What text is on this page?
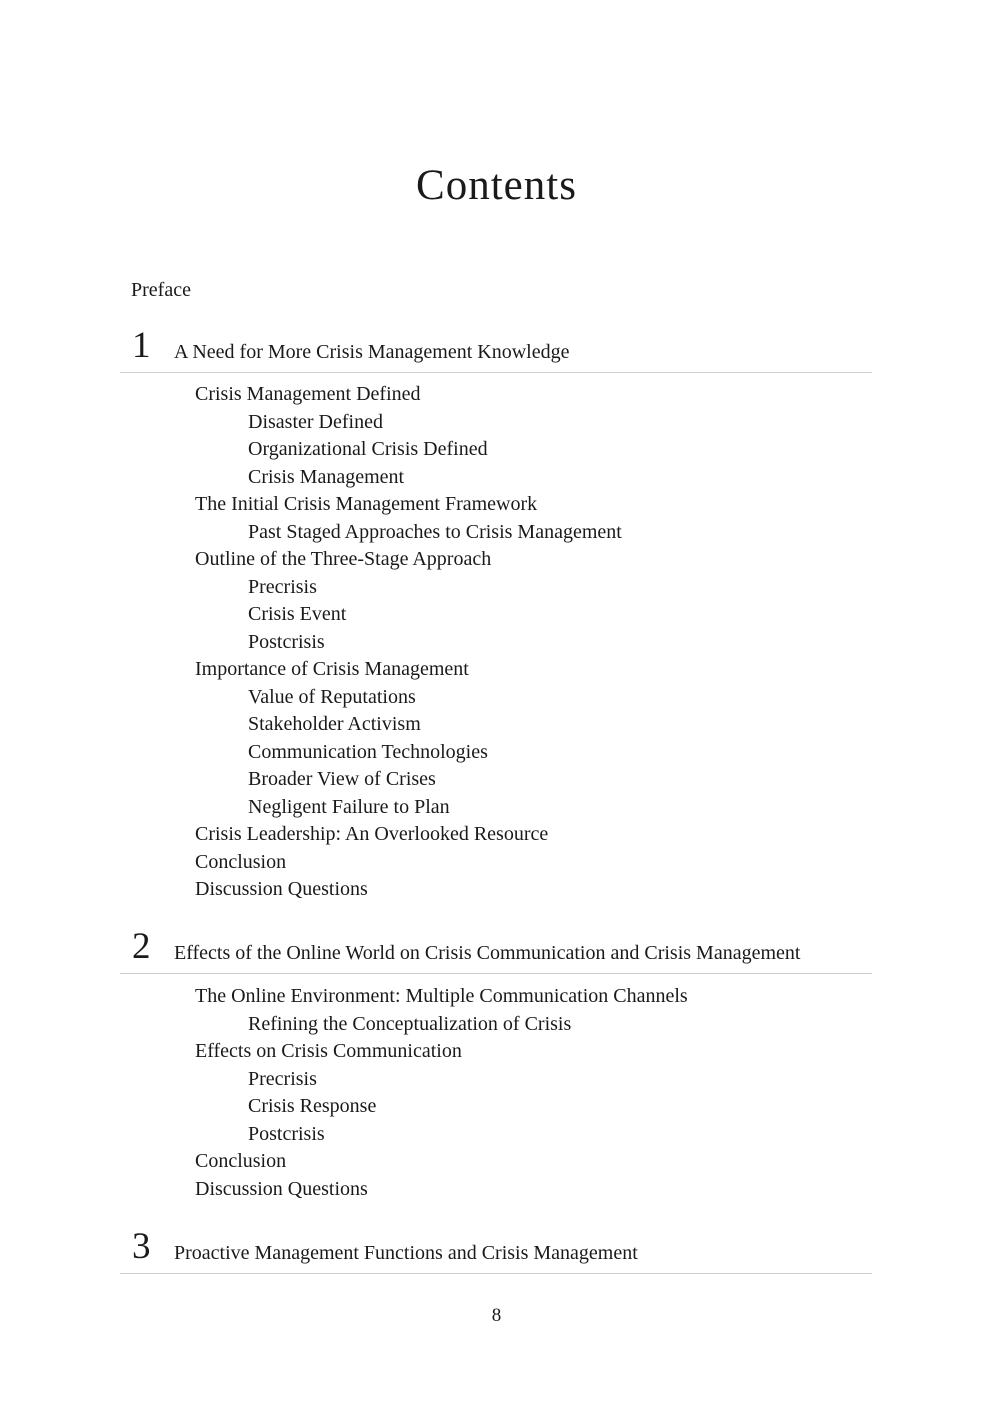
Contents
Preface
1 A Need for More Crisis Management Knowledge
Crisis Management Defined
Disaster Defined
Organizational Crisis Defined
Crisis Management
The Initial Crisis Management Framework
Past Staged Approaches to Crisis Management
Outline of the Three-Stage Approach
Precrisis
Crisis Event
Postcrisis
Importance of Crisis Management
Value of Reputations
Stakeholder Activism
Communication Technologies
Broader View of Crises
Negligent Failure to Plan
Crisis Leadership: An Overlooked Resource
Conclusion
Discussion Questions
2 Effects of the Online World on Crisis Communication and Crisis Management
The Online Environment: Multiple Communication Channels
Refining the Conceptualization of Crisis
Effects on Crisis Communication
Precrisis
Crisis Response
Postcrisis
Conclusion
Discussion Questions
3 Proactive Management Functions and Crisis Management
8
